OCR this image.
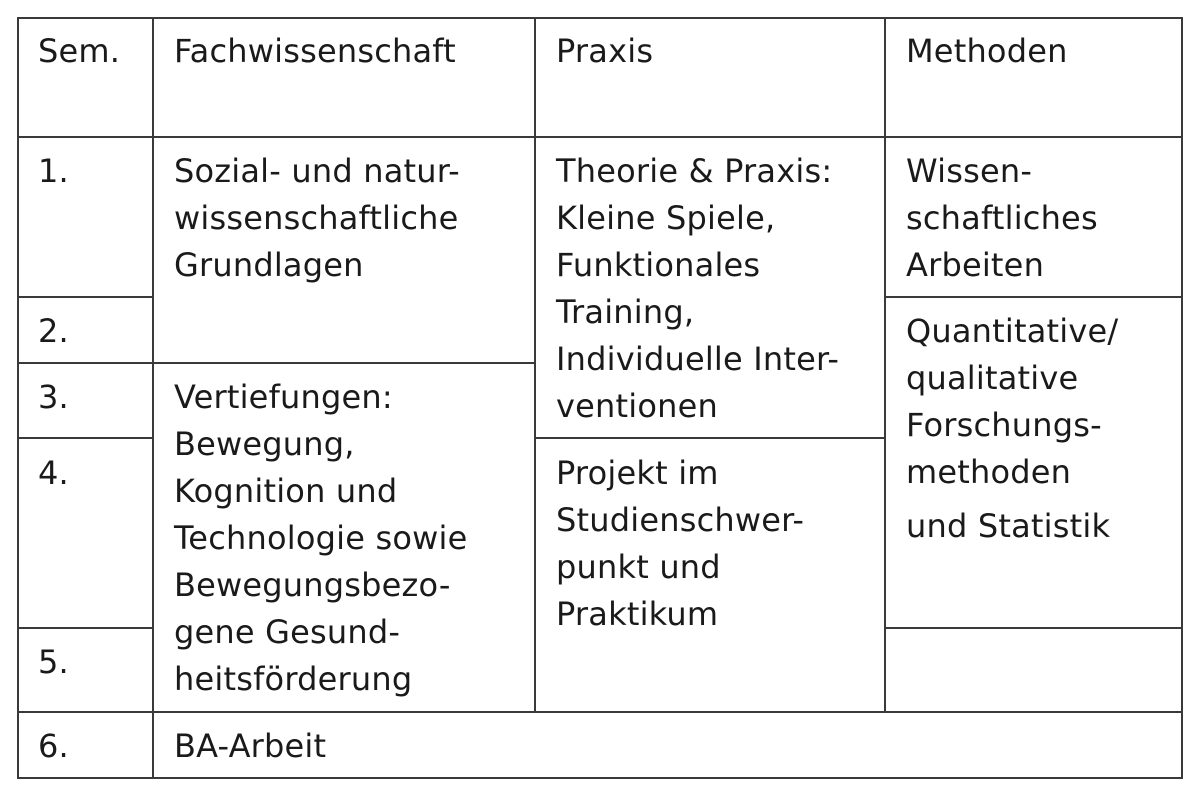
Sem. Fachwissenschaft	Praxis	Methoden
1.
2.
3.
4.
5.
6.
Sozial- und natur-
wissenschaftliche
Grundlagen
Vertiefungen:
Bewegung,
Kognition und
Technologie sowie
Bewegungsbezo-
gene Gesund-
heitsförderung
Theorie & Praxis:
Kleine Spiele,
Funktionales
Training,
Individuelle Inter-
ventionen
Projekt im
Studienschwer-
punkt und
Praktikum
Wissen-
schaftliches
Arbeiten
Quantitative/
qualitative
Forschungs-
methoden
und Statistik
BA-Arbeit
